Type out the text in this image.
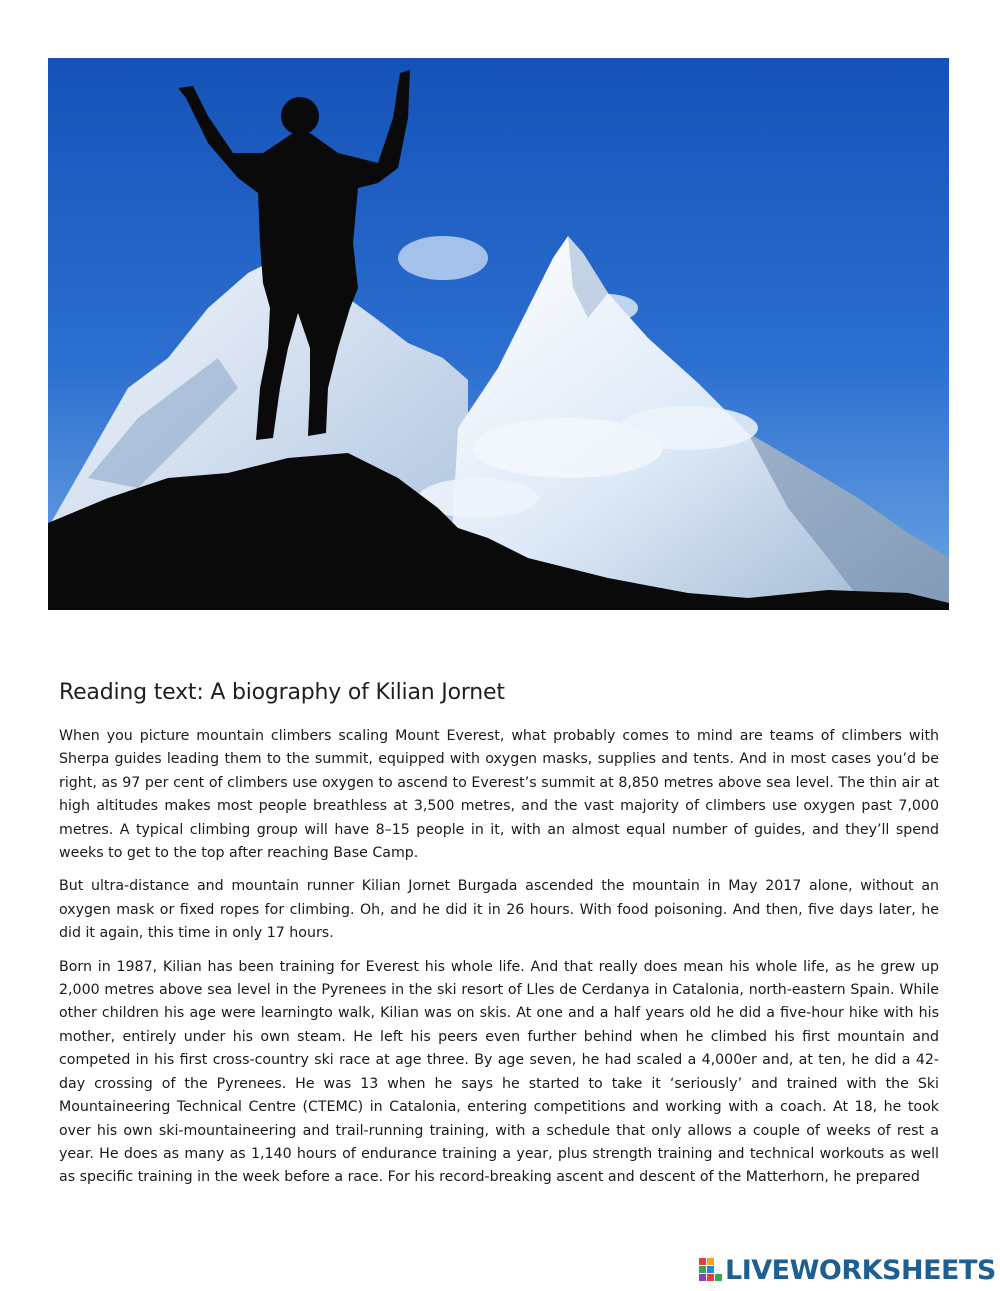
Reading text: A biography of Kilian Jornet

When you picture mountain climbers scaling Mount Everest, what probably comes to mind are teams of climbers with Sherpa guides leading them to the summit, equipped with oxygen masks, supplies and tents. And in most cases you’d be right, as 97 per cent of climbers use oxygen to ascend to Everest’s summit at 8,850 metres above sea level. The thin air at high altitudes makes most people breathless at 3,500 metres, and the vast majority of climbers use oxygen past 7,000 metres. A typical climbing group will have 8–15 people in it, with an almost equal number of guides, and they’ll spend weeks to get to the top after reaching Base Camp.

But ultra-distance and mountain runner Kilian Jornet Burgada ascended the mountain in May 2017 alone, without an oxygen mask or fixed ropes for climbing. Oh, and he did it in 26 hours. With food poisoning. And then, five days later, he did it again, this time in only 17 hours.

Born in 1987, Kilian has been training for Everest his whole life. And that really does mean his whole life, as he grew up 2,000 metres above sea level in the Pyrenees in the ski resort of Lles de Cerdanya in Catalonia, north-eastern Spain. While other children his age were learningto walk, Kilian was on skis. At one and a half years old he did a five-hour hike with his mother, entirely under his own steam. He left his peers even further behind when he climbed his first mountain and competed in his first cross-country ski race at age three. By age seven, he had scaled a 4,000er and, at ten, he did a 42-day crossing of the Pyrenees. He was 13 when he says he started to take it ‘seriously’ and trained with the Ski Mountaineering Technical Centre (CTEMC) in Catalonia, entering competitions and working with a coach. At 18, he took over his own ski-mountaineering and trail-running training, with a schedule that only allows a couple of weeks of rest a year. He does as many as 1,140 hours of endurance training a year, plus strength training and technical workouts as well as specific training in the week before a race. For his record-breaking ascent and descent of the Matterhorn, he prepared

LIVEWORKSHEETS
